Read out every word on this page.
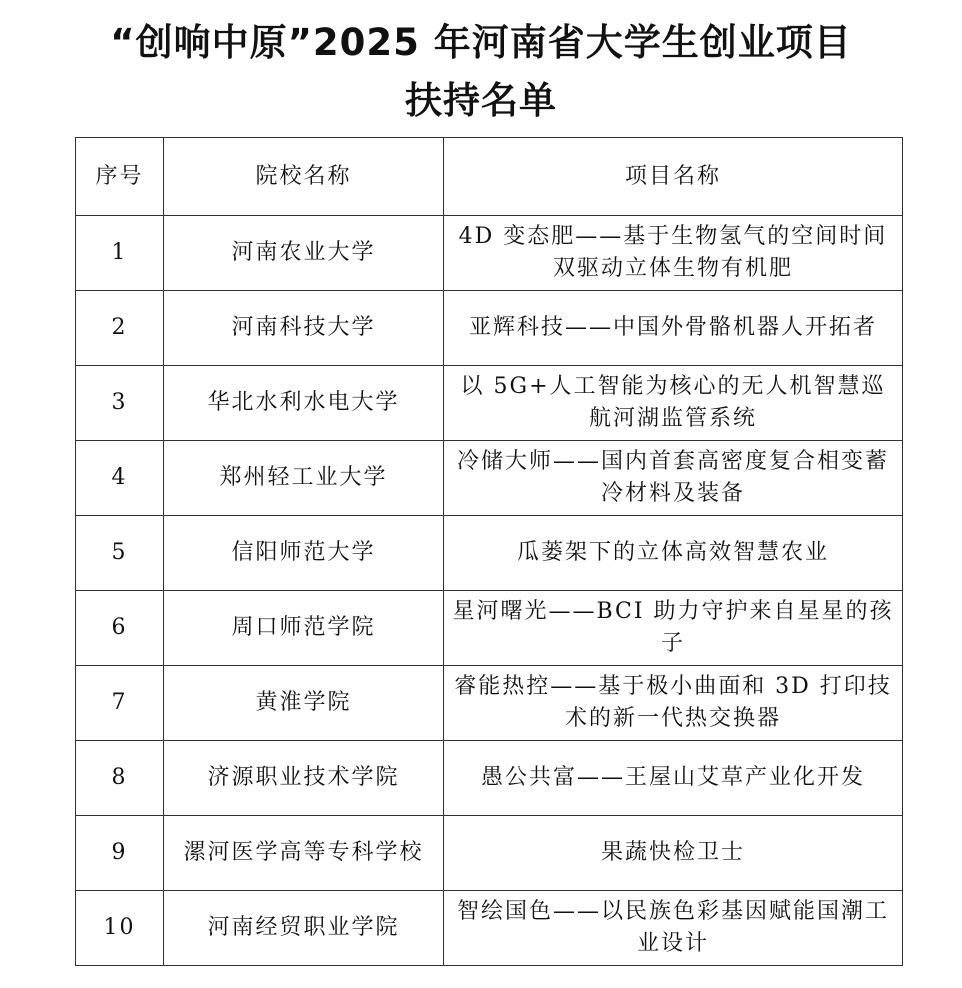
“创响中原”2025 年河南省大学生创业项目
扶持名单
序号	院校名称	项目名称
1	河南农业大学	4D 变态肥——基于生物氢气的空间时间双驱动立体生物有机肥
2	河南科技大学	亚辉科技——中国外骨骼机器人开拓者
3	华北水利水电大学	以 5G+人工智能为核心的无人机智慧巡航河湖监管系统
4	郑州轻工业大学	冷储大师——国内首套高密度复合相变蓄冷材料及装备
5	信阳师范大学	瓜蒌架下的立体高效智慧农业
6	周口师范学院	星河曙光——BCI 助力守护来自星星的孩子
7	黄淮学院	睿能热控——基于极小曲面和 3D 打印技术的新一代热交换器
8	济源职业技术学院	愚公共富——王屋山艾草产业化开发
9	漯河医学高等专科学校	果蔬快检卫士
10	河南经贸职业学院	智绘国色——以民族色彩基因赋能国潮工业设计
